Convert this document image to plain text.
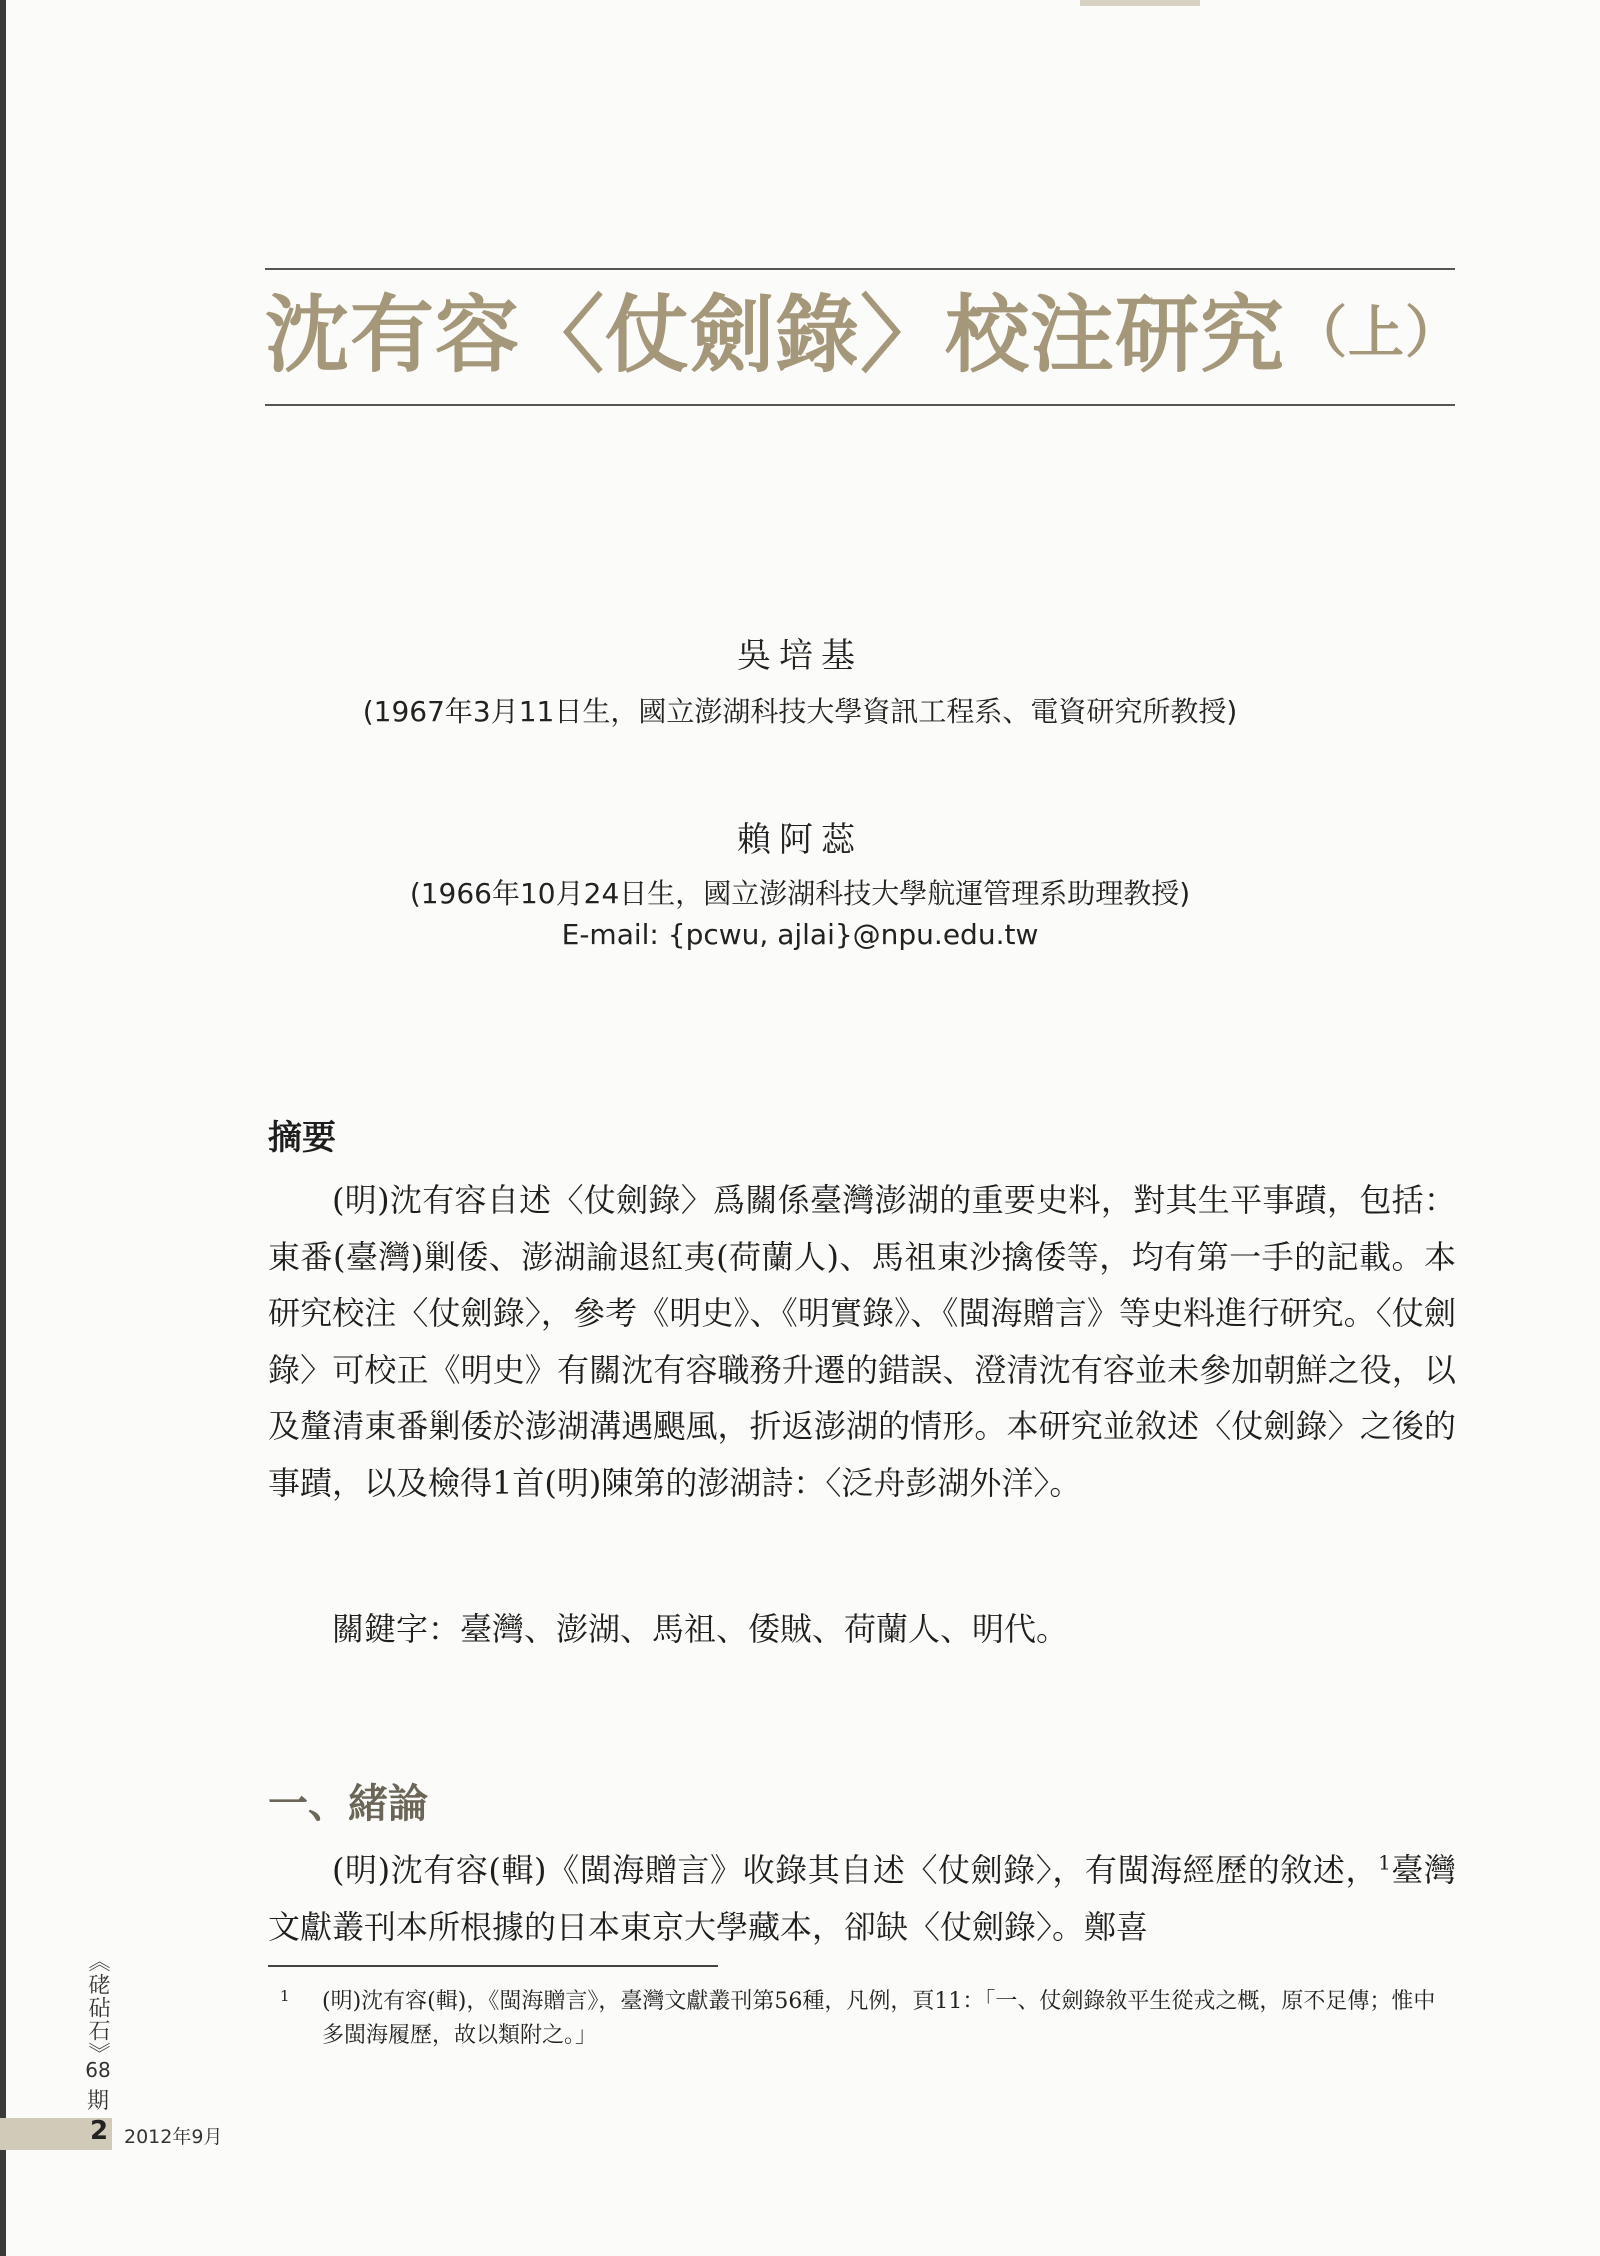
沈有容〈仗劍錄〉校注研究 $^{(上)}$
吳培基
(1967年3月11日生，國立澎湖科技大學資訊工程系、電資研究所教授)
賴阿蕊
(1966年10月24日生，國立澎湖科技大學航運管理系助理教授)
E-mail: {pcwu, ajlai}@npu.edu.tw
摘要
(明)沈有容自述〈仗劍錄〉爲關係臺灣澎湖的重要史料，對其生平事蹟，包括：東番(臺灣)剿倭、澎湖諭退紅夷(荷蘭人)、馬祖東沙擒倭等，均有第一手的記載。本研究校注〈仗劍錄〉，參考《明史》、《明實錄》、《閩海贈言》等史料進行研究。〈仗劍錄〉可校正《明史》有關沈有容職務升遷的錯誤、澄清沈有容並未參加朝鮮之役，以及釐清東番剿倭於澎湖溝遇颶風，折返澎湖的情形。本研究並敘述〈仗劍錄〉之後的事蹟，以及檢得1首(明)陳第的澎湖詩：〈泛舟彭湖外洋〉。
關鍵字：臺灣、澎湖、馬祖、倭賊、荷蘭人、明代。
一、緒論
(明)沈有容(輯)《閩海贈言》收錄其自述〈仗劍錄〉，有閩海經歷的敘述，$^1$臺灣文獻叢刊本所根據的日本東京大學藏本，卻缺〈仗劍錄〉。鄭喜
1 (明)沈有容(輯)，《閩海贈言》，臺灣文獻叢刊第56種，凡例，頁11：「一、仗劍錄敘平生從戎之概，原不足傳；惟中多閩海履歷，故以類附之。」
《硓砧石》
68
期
2 2012年9月
